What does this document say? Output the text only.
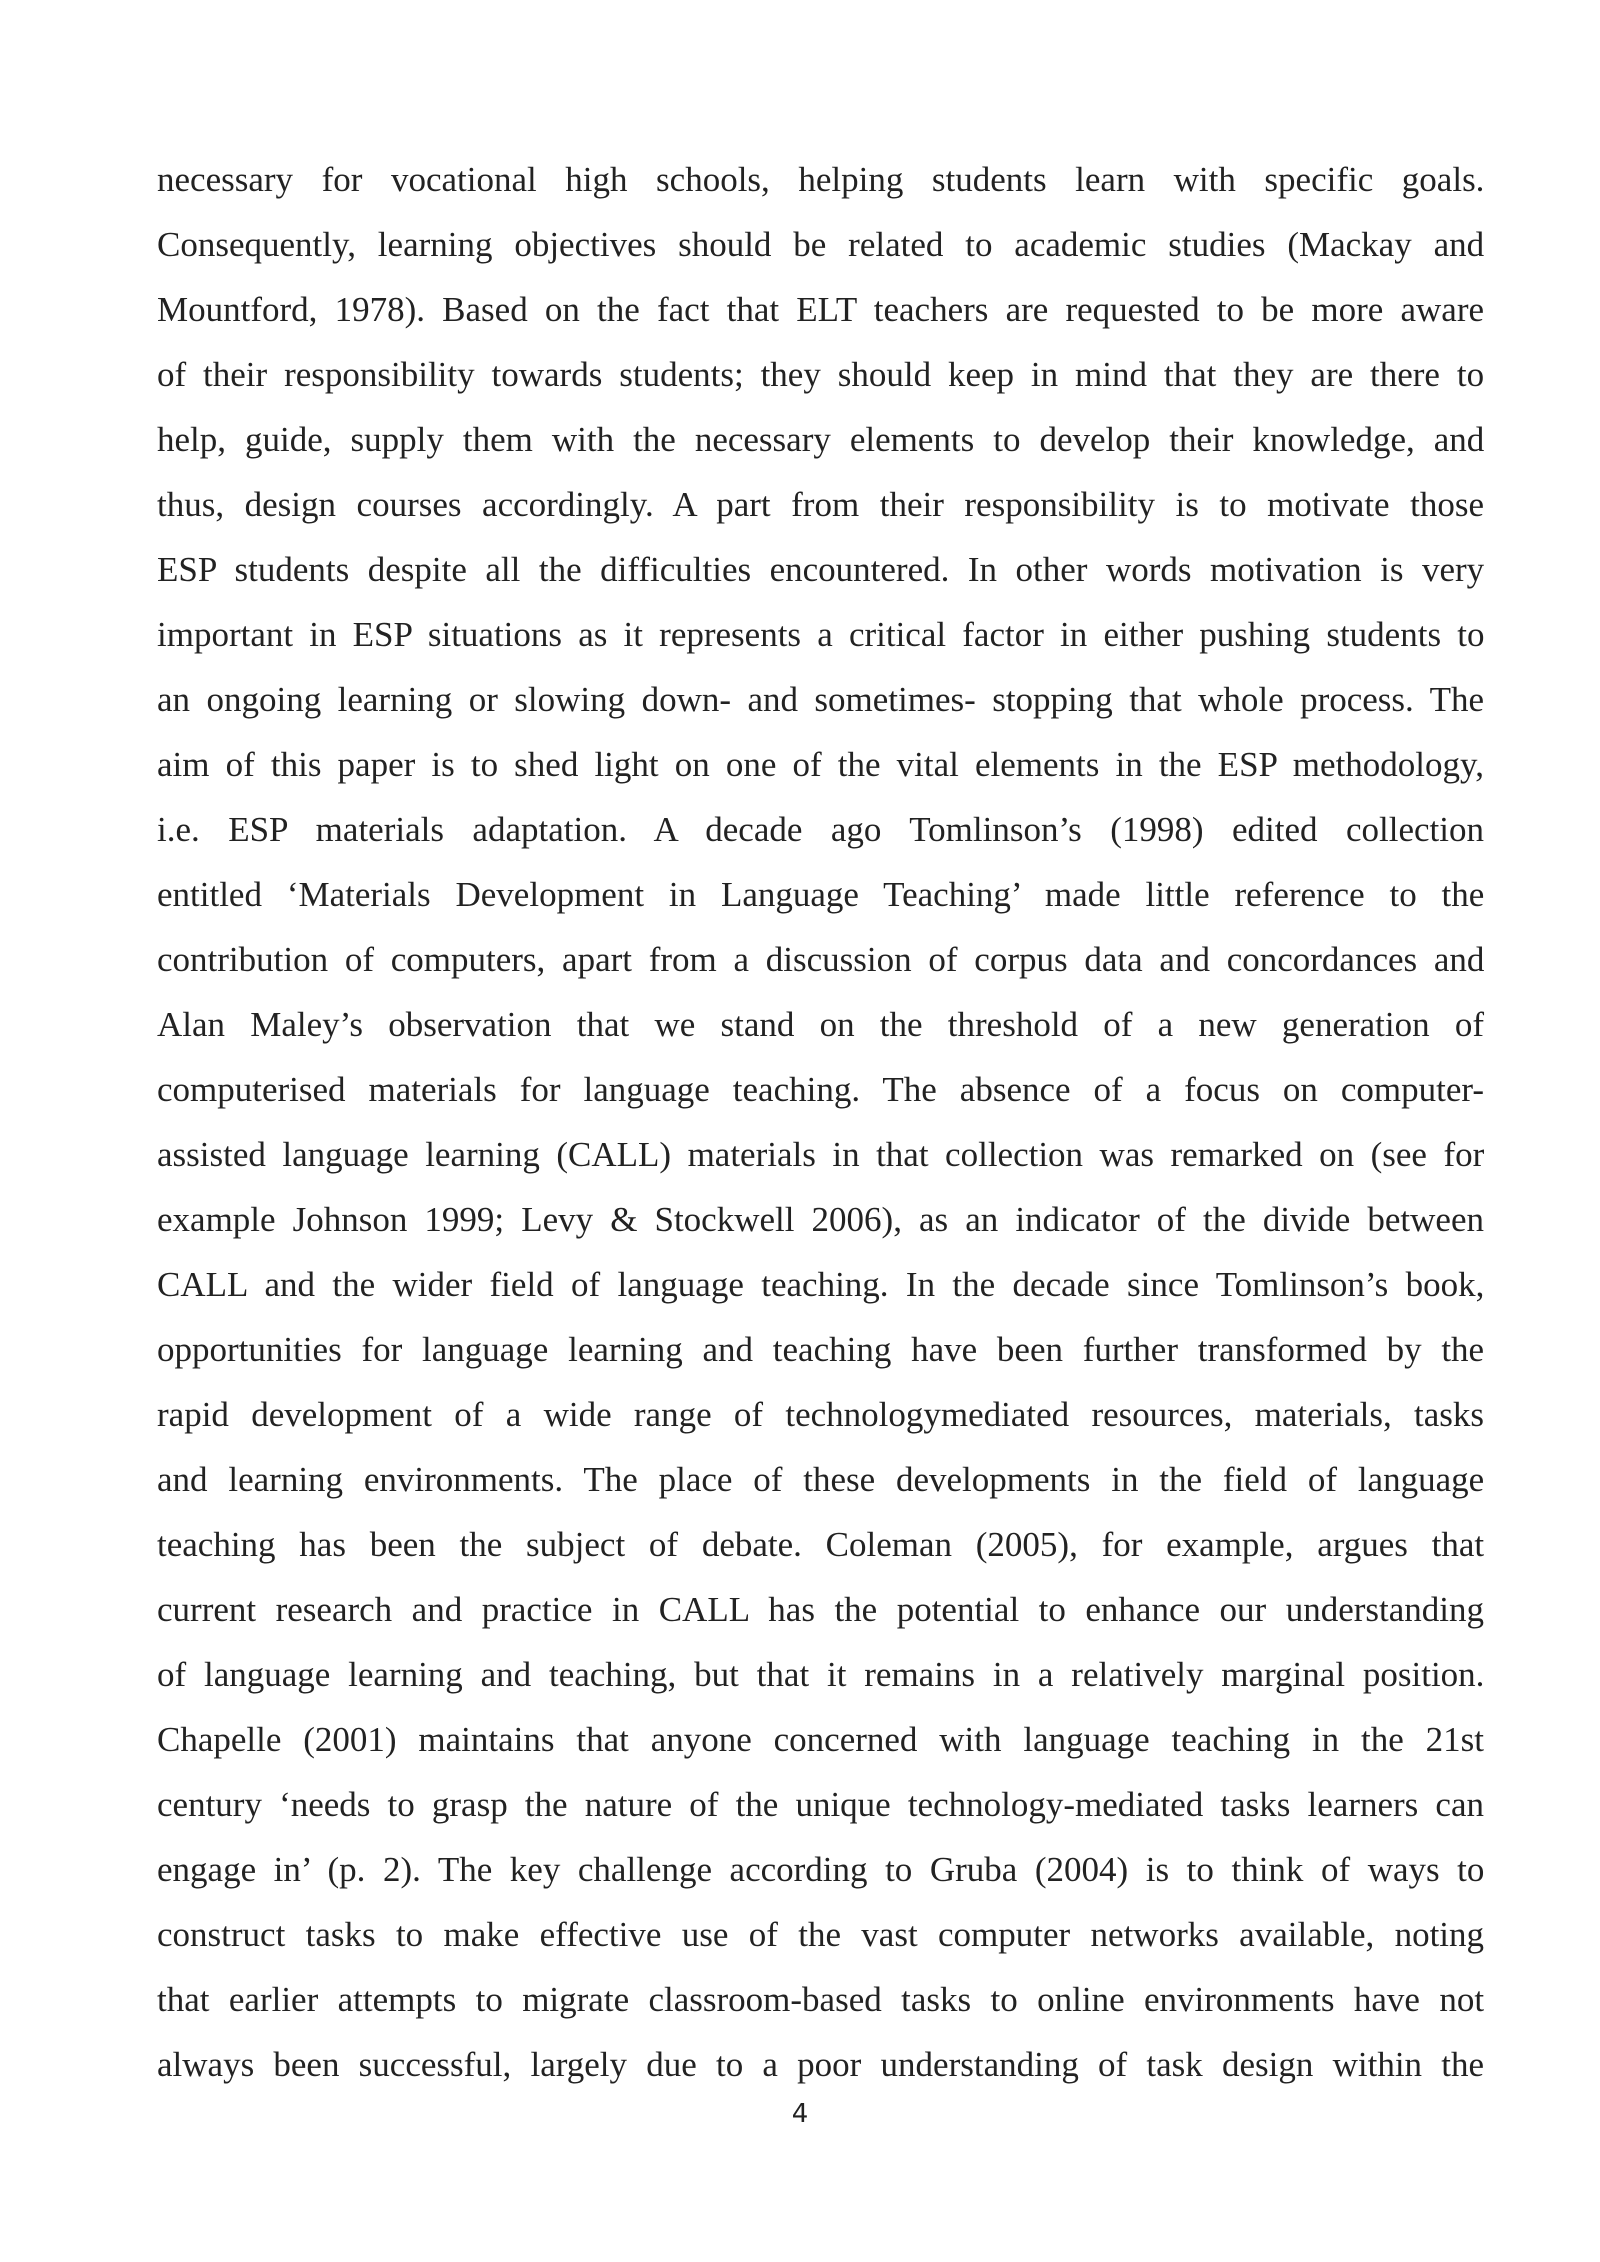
necessary for vocational high schools, helping students learn with specific goals.
Consequently, learning objectives should be related to academic studies (Mackay and
Mountford, 1978). Based on the fact that ELT teachers are requested to be more aware
of their responsibility towards students; they should keep in mind that they are there to
help, guide, supply them with the necessary elements to develop their knowledge, and
thus, design courses accordingly. A part from their responsibility is to motivate those
ESP students despite all the difficulties encountered. In other words motivation is very
important in ESP situations as it represents a critical factor in either pushing students to
an ongoing learning or slowing down- and sometimes- stopping that whole process. The
aim of this paper is to shed light on one of the vital elements in the ESP methodology,
i.e. ESP materials adaptation. A decade ago Tomlinson’s (1998) edited collection
entitled ‘Materials Development in Language Teaching’ made little reference to the
contribution of computers, apart from a discussion of corpus data and concordances and
Alan Maley’s observation that we stand on the threshold of a new generation of
computerised materials for language teaching. The absence of a focus on computer-
assisted language learning (CALL) materials in that collection was remarked on (see for
example Johnson 1999; Levy & Stockwell 2006), as an indicator of the divide between
CALL and the wider field of language teaching. In the decade since Tomlinson’s book,
opportunities for language learning and teaching have been further transformed by the
rapid development of a wide range of technologymediated resources, materials, tasks
and learning environments. The place of these developments in the field of language
teaching has been the subject of debate. Coleman (2005), for example, argues that
current research and practice in CALL has the potential to enhance our understanding
of language learning and teaching, but that it remains in a relatively marginal position.
Chapelle (2001) maintains that anyone concerned with language teaching in the 21st
century ‘needs to grasp the nature of the unique technology-mediated tasks learners can
engage in’ (p. 2). The key challenge according to Gruba (2004) is to think of ways to
construct tasks to make effective use of the vast computer networks available, noting
that earlier attempts to migrate classroom-based tasks to online environments have not
always been successful, largely due to a poor understanding of task design within the
4
